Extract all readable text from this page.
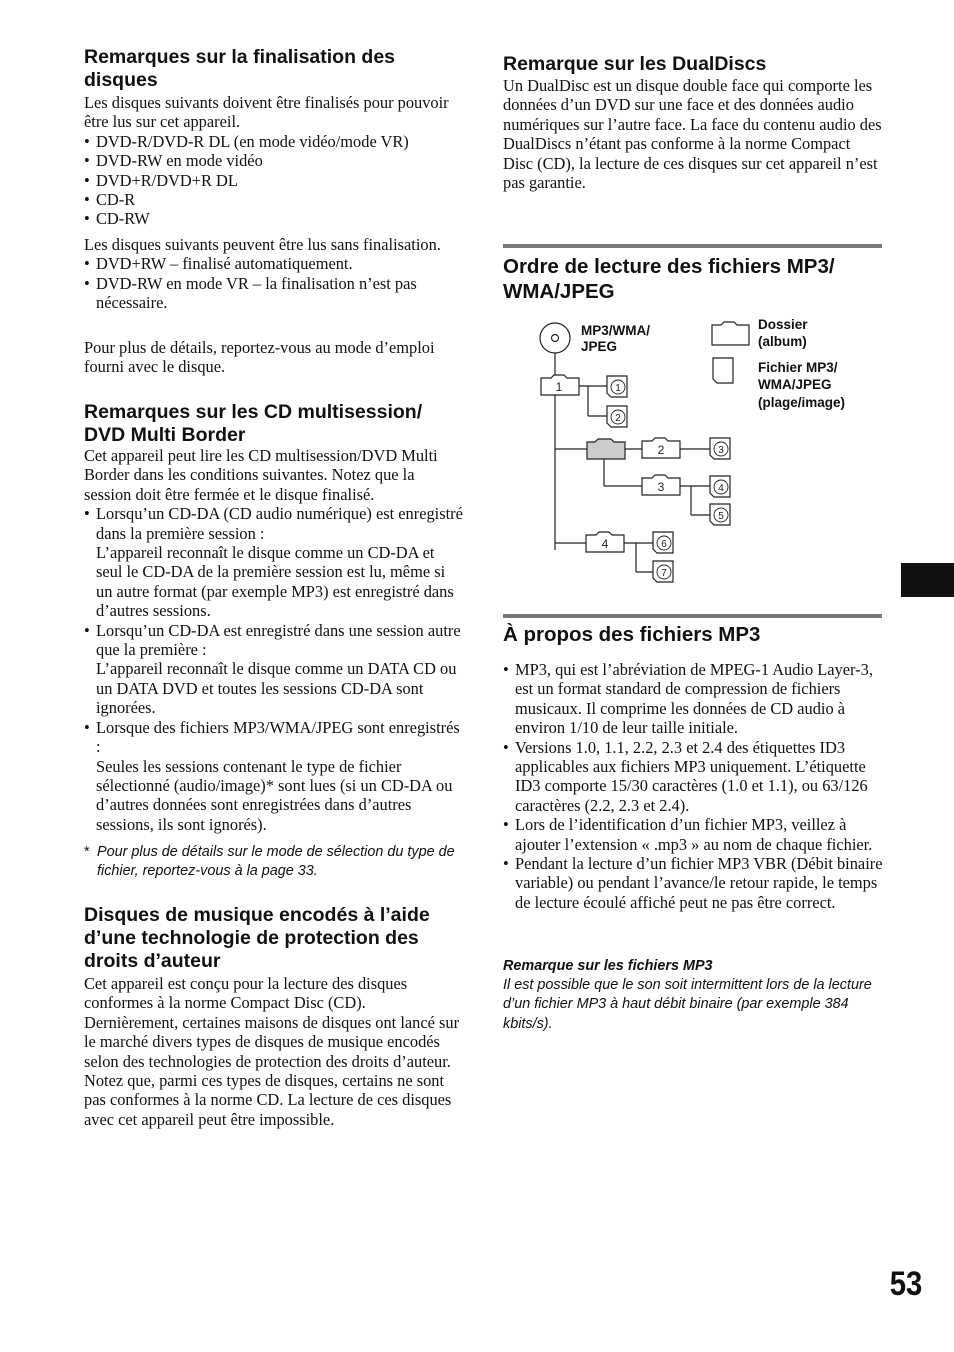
Remarques sur la finalisation des disques

Les disques suivants doivent être finalisés pour pouvoir être lus sur cet appareil.

• DVD-R/DVD-R DL (en mode vidéo/mode VR)

• DVD-RW en mode vidéo

• DVD+R/DVD+R DL

• CD-R

• CD-RW

Les disques suivants peuvent être lus sans finalisation.

• DVD+RW – finalisé automatiquement.

• DVD-RW en mode VR – la finalisation n’est pas nécessaire.

Pour plus de détails, reportez-vous au mode d’emploi fourni avec le disque.

Remarques sur les CD multisession/ DVD Multi Border

Cet appareil peut lire les CD multisession/DVD Multi Border dans les conditions suivantes. Notez que la session doit être fermée et le disque finalisé.

• Lorsqu’un CD-DA (CD audio numérique) est enregistré dans la première session :
L’appareil reconnaît le disque comme un CD-DA et seul le CD-DA de la première session est lu, même si un autre format (par exemple MP3) est enregistré dans d’autres sessions.
• Lorsqu’un CD-DA est enregistré dans une session autre que la première :
L’appareil reconnaît le disque comme un DATA CD ou un DATA DVD et toutes les sessions CD-DA sont ignorées.
• Lorsque des fichiers MP3/WMA/JPEG sont enregistrés :
Seules les sessions contenant le type de fichier sélectionné (audio/image)* sont lues (si un CD-DA ou d’autres données sont enregistrées dans d’autres sessions, ils sont ignorés).
* Pour plus de détails sur le mode de sélection du type de fichier, reportez-vous à la page 33.
Disques de musique encodés à l’aide d’une technologie de protection des droits d’auteur

Cet appareil est conçu pour la lecture des disques conformes à la norme Compact Disc (CD). Dernièrement, certaines maisons de disques ont lancé sur le marché divers types de disques de musique encodés selon des technologies de protection des droits d’auteur. Notez que, parmi ces types de disques, certains ne sont pas conformes à la norme CD. La lecture de ces disques avec cet appareil peut être impossible.

Remarque sur les DualDiscs

Un DualDisc est un disque double face qui comporte les données d’un DVD sur une face et des données audio numériques sur l’autre face. La face du contenu audio des DualDiscs n’étant pas conforme à la norme Compact Disc (CD), la lecture de ces disques sur cet appareil n’est pas garantie.

Ordre de lecture des fichiers MP3/ WMA/JPEG
1
2
3
4
1
2
3
4
5
6
7
MP3/WMA/
JPEG
Dossier
(album)
Fichier MP3/
WMA/JPEG
(plage/image)
À propos des fichiers MP3

• MP3, qui est l’abréviation de MPEG-1 Audio Layer-3, est un format standard de compression de fichiers musicaux. Il comprime les données de CD audio à environ 1/10 de leur taille initiale.

• Versions 1.0, 1.1, 2.2, 2.3 et 2.4 des étiquettes ID3 applicables aux fichiers MP3 uniquement. L’étiquette ID3 comporte 15/30 caractères (1.0 et 1.1), ou 63/126 caractères (2.2, 2.3 et 2.4).

• Lors de l’identification d’un fichier MP3, veillez à ajouter l’extension « .mp3 » au nom de chaque fichier.

• Pendant la lecture d’un fichier MP3 VBR (Débit binaire variable) ou pendant l’avance/le retour rapide, le temps de lecture écoulé affiché peut ne pas être correct.

Remarque sur les fichiers MP3
Il est possible que le son soit intermittent lors de la lecture d’un fichier MP3 à haut débit binaire (par exemple 384 kbits/s).
53
